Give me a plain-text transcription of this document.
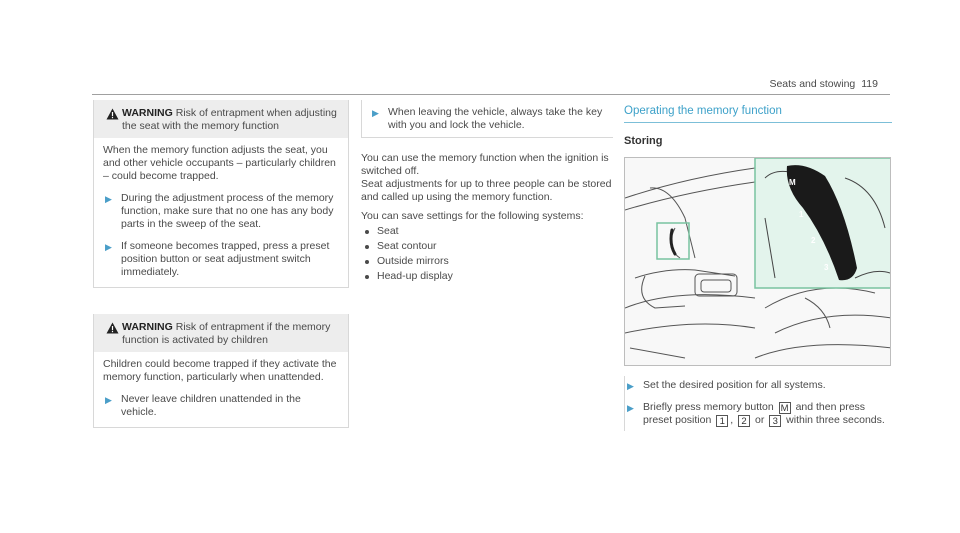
Seats and stowing 119
WARNING Risk of entrapment when adjusting the seat with the memory function

When the memory function adjusts the seat, you and other vehicle occupants – particularly children – could become trapped.

▶ During the adjustment process of the memory function, make sure that no one has any body parts in the sweep of the seat.
▶ If someone becomes trapped, press a preset position button or seat adjustment switch immediately.
WARNING Risk of entrapment if the memory function is activated by children

Children could become trapped if they activate the memory function, particularly when unattended.

▶ Never leave children unattended in the vehicle.
▶ When leaving the vehicle, always take the key with you and lock the vehicle.

You can use the memory function when the ignition is switched off.

Seat adjustments for up to three people can be stored and called up using the memory function.

You can save settings for the following systems:

Seat
Seat contour
Outside mirrors
Head-up display
Operating the memory function
Storing
M
1
2
3
▶ Set the desired position for all systems.
▶ Briefly press memory button M and then press preset position 1 , 2 or 3 within three seconds.
